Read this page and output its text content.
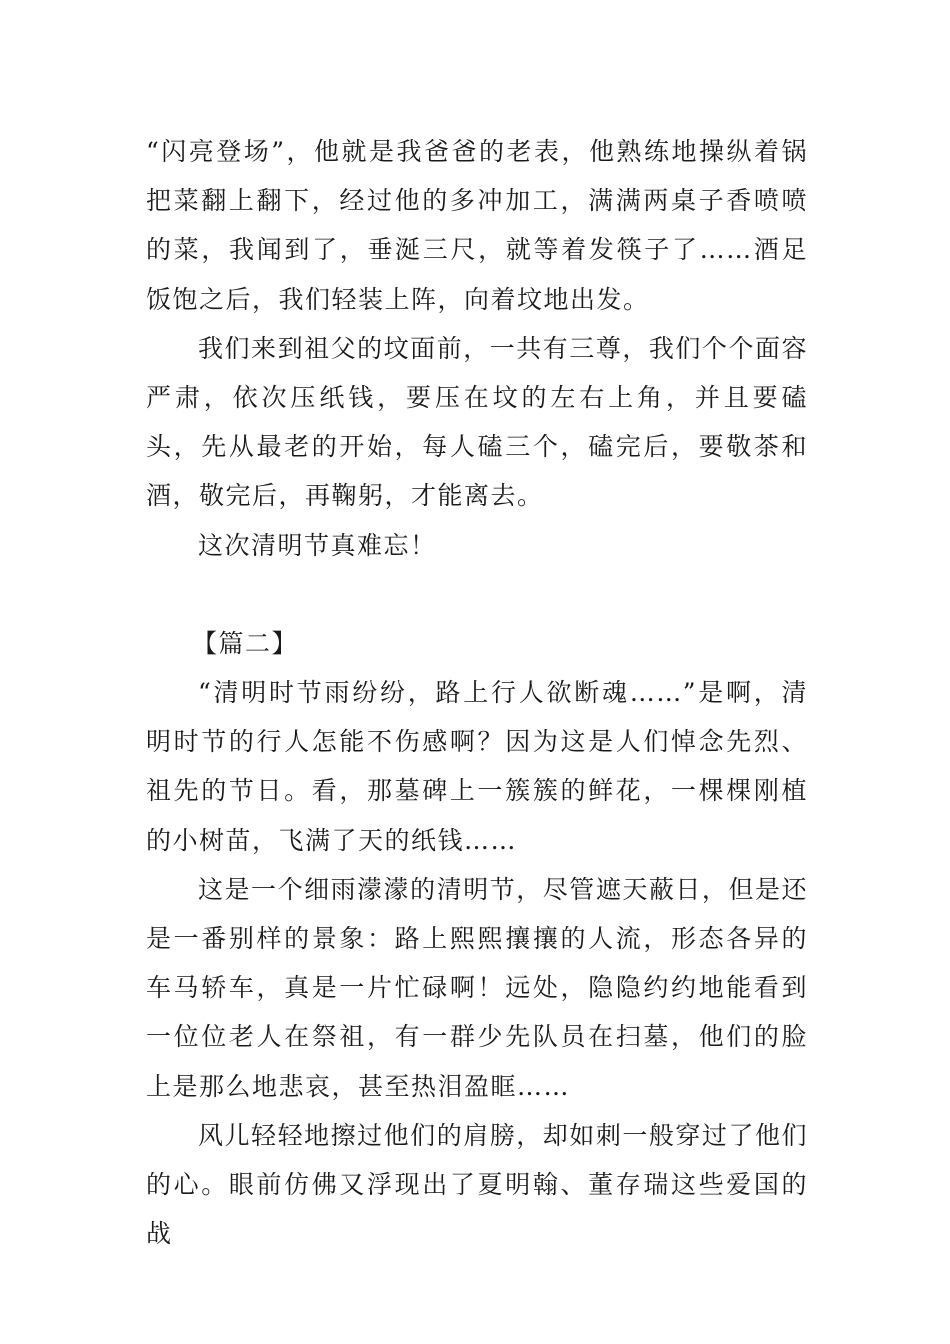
“闪亮登场”，他就是我爸爸的老表，他熟练地操纵着锅把菜翻上翻下，经过他的多冲加工，满满两桌子香喷喷的菜，我闻到了，垂涎三尺，就等着发筷子了……酒足饭饱之后，我们轻装上阵，向着坟地出发。

我们来到祖父的坟面前，一共有三尊，我们个个面容严肃，依次压纸钱，要压在坟的左右上角，并且要磕头，先从最老的开始，每人磕三个，磕完后，要敬茶和酒，敬完后，再鞠躬，才能离去。

这次清明节真难忘！

【篇二】

“清明时节雨纷纷，路上行人欲断魂……”是啊，清明时节的行人怎能不伤感啊？因为这是人们悼念先烈、祖先的节日。看，那墓碑上一簇簇的鲜花，一棵棵刚植的小树苗，飞满了天的纸钱……

这是一个细雨濛濛的清明节，尽管遮天蔽日，但是还是一番别样的景象：路上熙熙攘攘的人流，形态各异的车马轿车，真是一片忙碌啊！远处，隐隐约约地能看到一位位老人在祭祖，有一群少先队员在扫墓，他们的脸上是那么地悲哀，甚至热泪盈眶……

风儿轻轻地擦过他们的肩膀，却如刺一般穿过了他们的心。眼前仿佛又浮现出了夏明翰、董存瑞这些爱国的战
